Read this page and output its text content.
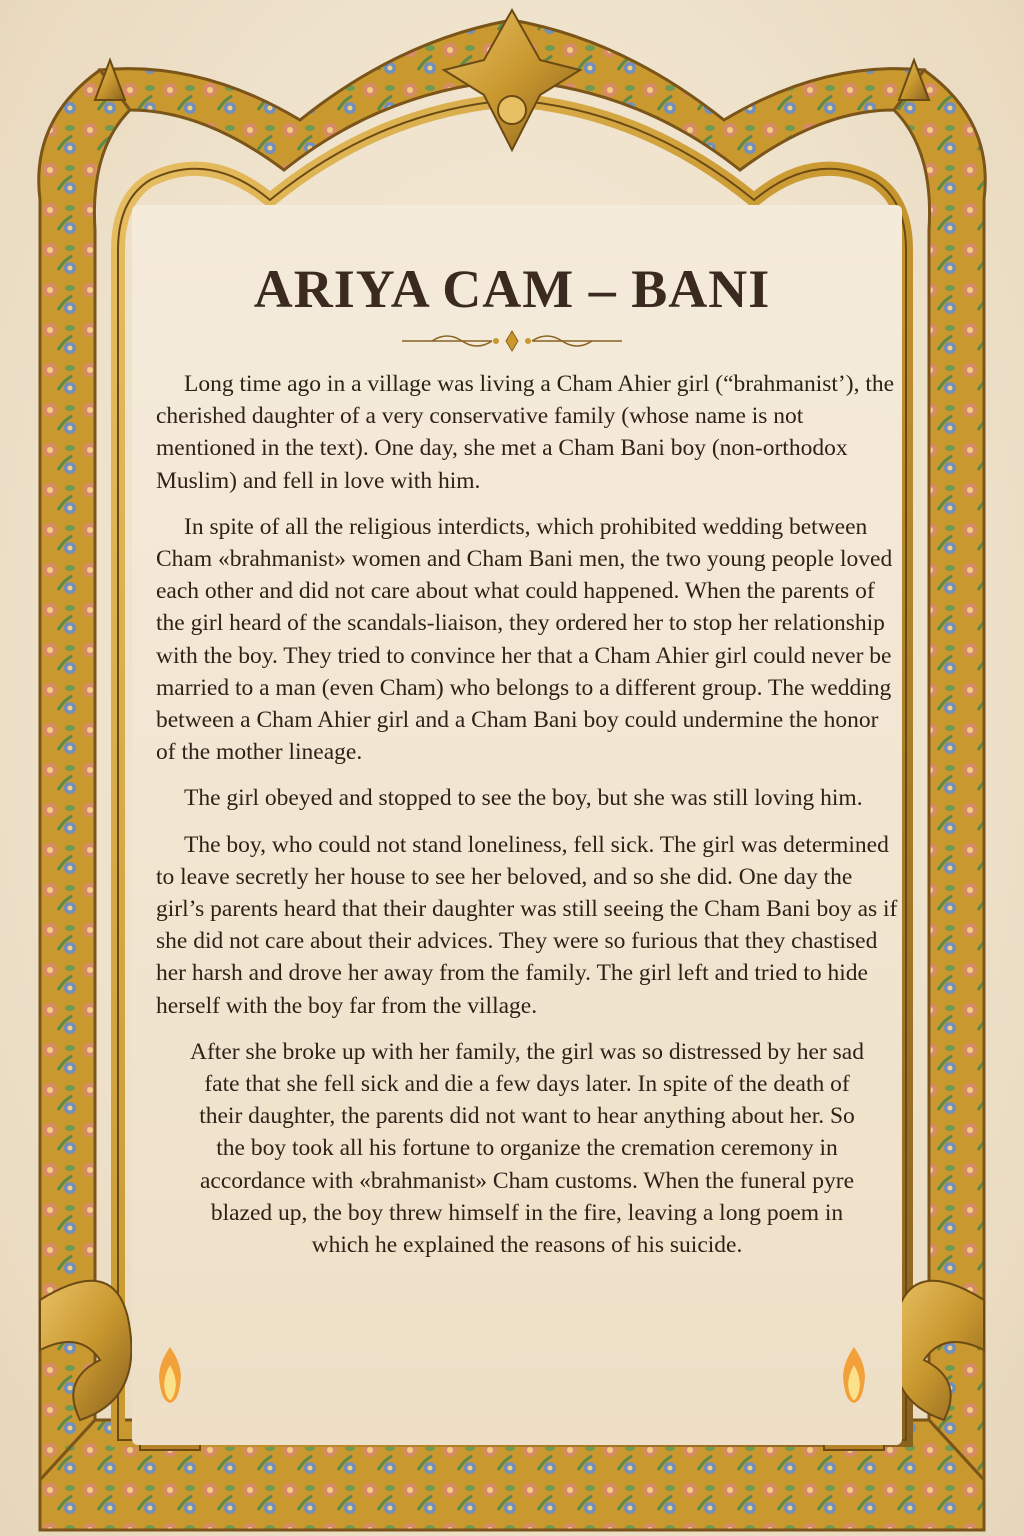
ARIYA CAM – BANI

Long time ago in a village was living a Cham Ahier girl (“brahmanist’), the cherished daughter of a very conservative family (whose name is not mentioned in the text). One day, she met a Cham Bani boy (non-orthodox Muslim) and fell in love with him.

In spite of all the religious interdicts, which prohibited wedding between Cham «brahmanist» women and Cham Bani men, the two young people loved each other and did not care about what could happened. When the parents of the girl heard of the scandals-liaison, they ordered her to stop her relationship with the boy. They tried to convince her that a Cham Ahier girl could never be married to a man (even Cham) who belongs to a different group. The wedding between a Cham Ahier girl and a Cham Bani boy could undermine the honor of the mother lineage.

The girl obeyed and stopped to see the boy, but she was still loving him.

The boy, who could not stand loneliness, fell sick. The girl was determined to leave secretly her house to see her beloved, and so she did. One day the girl’s parents heard that their daughter was still seeing the Cham Bani boy as if she did not care about their advices. They were so furious that they chastised her harsh and drove her away from the family. The girl left and tried to hide herself with the boy far from the village.

After she broke up with her family, the girl was so distressed by her sad fate that she fell sick and die a few days later. In spite of the death of their daughter, the parents did not want to hear anything about her. So the boy took all his fortune to organize the cremation ceremony in accordance with «brahmanist» Cham customs. When the funeral pyre blazed up, the boy threw himself in the fire, leaving a long poem in which he explained the reasons of his suicide.
